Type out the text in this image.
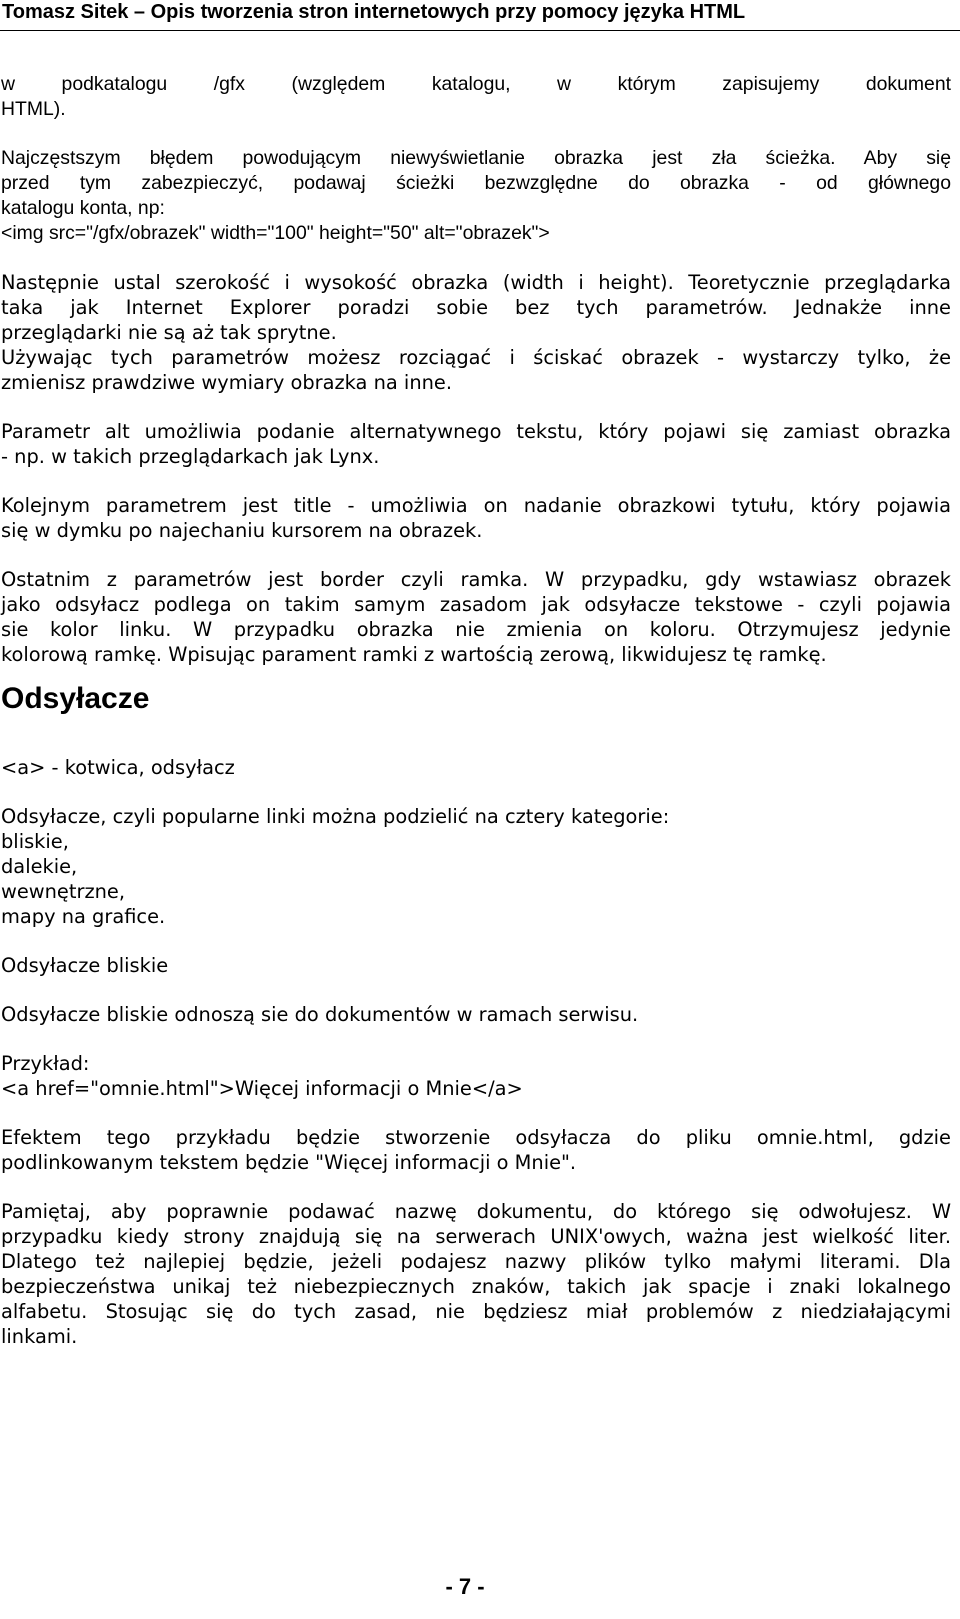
Tomasz Sitek – Opis tworzenia stron internetowych przy pomocy języka HTML
w podkatalogu /gfx (względem katalogu, w którym zapisujemy dokument
HTML).
Najczęstszym błędem powodującym niewyświetlanie obrazka jest zła ścieżka. Aby się
przed tym zabezpieczyć, podawaj ścieżki bezwzględne do obrazka - od głównego
katalogu konta, np:
<img src="/gfx/obrazek" width="100" height="50" alt="obrazek">
Następnie ustal szerokość i wysokość obrazka (width i height). Teoretycznie przeglądarka
taka jak Internet Explorer poradzi sobie bez tych parametrów. Jednakże inne
przeglądarki nie są aż tak sprytne.
Używając tych parametrów możesz rozciągać i ściskać obrazek - wystarczy tylko, że
zmienisz prawdziwe wymiary obrazka na inne.
Parametr alt umożliwia podanie alternatywnego tekstu, który pojawi się zamiast obrazka
- np. w takich przeglądarkach jak Lynx.
Kolejnym parametrem jest title - umożliwia on nadanie obrazkowi tytułu, który pojawia
się w dymku po najechaniu kursorem na obrazek.
Ostatnim z parametrów jest border czyli ramka. W przypadku, gdy wstawiasz obrazek
jako odsyłacz podlega on takim samym zasadom jak odsyłacze tekstowe - czyli pojawia
sie kolor linku. W przypadku obrazka nie zmienia on koloru. Otrzymujesz jedynie
kolorową ramkę. Wpisując parament ramki z wartością zerową, likwidujesz tę ramkę.
Odsyłacze
<a> - kotwica, odsyłacz
Odsyłacze, czyli popularne linki można podzielić na cztery kategorie:
bliskie,
dalekie,
wewnętrzne,
mapy na grafice.
Odsyłacze bliskie
Odsyłacze bliskie odnoszą sie do dokumentów w ramach serwisu.
Przykład:
<a href="omnie.html">Więcej informacji o Mnie</a>
Efektem tego przykładu będzie stworzenie odsyłacza do pliku omnie.html, gdzie
podlinkowanym tekstem będzie "Więcej informacji o Mnie".
Pamiętaj, aby poprawnie podawać nazwę dokumentu, do którego się odwołujesz. W
przypadku kiedy strony znajdują się na serwerach UNIX'owych, ważna jest wielkość liter.
Dlatego też najlepiej będzie, jeżeli podajesz nazwy plików tylko małymi literami. Dla
bezpieczeństwa unikaj też niebezpiecznych znaków, takich jak spacje i znaki lokalnego
alfabetu. Stosując się do tych zasad, nie będziesz miał problemów z niedziałającymi
linkami.
- 7 -
